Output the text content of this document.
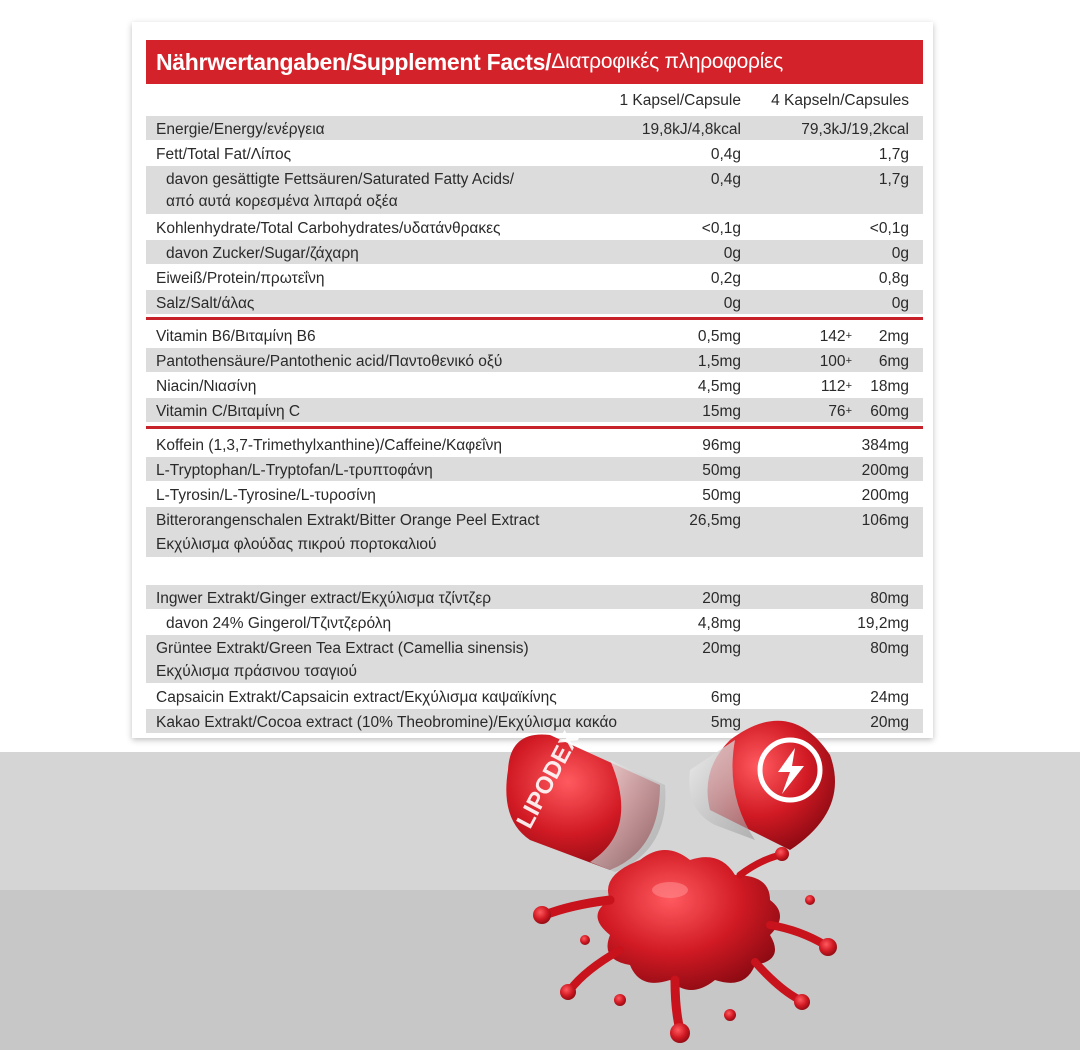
Nährwertangaben/Supplement Facts/ Διατροφικές πληροφορίες
1 Kapsel/Capsule 4 Kapseln/Capsules
Energie/Energy/ενέργεια	19,8kJ/4,8kcal	79,3kJ/19,2kcal
Fett/Total Fat/Λίπος	0,4g	1,7g
davon gesättigte Fettsäuren/Saturated Fatty Acids/
από αυτά κορεσμένα λιπαρά οξέα
0,4g	1,7g
Kohlenhydrate/Total Carbohydrates/υδατάνθρακες	<0,1g	<0,1g
davon Zucker/Sugar/ζάχαρη	0g	0g
Eiweiß/Protein/πρωτεΐνη	0,2g	0,8g
Salz/Salt/άλας	0g	0g
Vitamin B6/Βιταμίνη B6	0,5mg	142+ 2mg
Pantothensäure/Pantothenic acid/Παντοθενικό οξύ	1,5mg	100+ 6mg
Niacin/Νιασίνη	4,5mg	112+ 18mg
Vitamin C/Βιταμίνη C	15mg	76+ 60mg
Koffein (1,3,7-Trimethylxanthine)/Caffeine/Καφεΐνη	96mg	384mg
L-Tryptophan/L-Tryptofan/L-τρυπτοφάνη	50mg	200mg
L-Tyrosin/L-Tyrosine/L-τυροσίνη	50mg	200mg
Bitterorangenschalen Extrakt/Bitter Orange Peel Extract
Εκχύλισμα φλούδας πικρού πορτοκαλιού
26,5mg	106mg
Ingwer Extrakt/Ginger extract/Εκχύλισμα τζίντζερ	20mg	80mg
davon 24% Gingerol/Τζιντζερόλη	4,8mg	19,2mg
Grüntee Extrakt/Green Tea Extract (Camellia sinensis)
Εκχύλισμα πράσινου τσαγιού
20mg	80mg
Capsaicin Extrakt/Capsaicin extract/Εκχύλισμα καψαϊκίνης	6mg	24mg
Kakao Extrakt/Cocoa extract (10% Theobromine)/Εκχύλισμα κακάο	5mg	20mg
LIPODEX
